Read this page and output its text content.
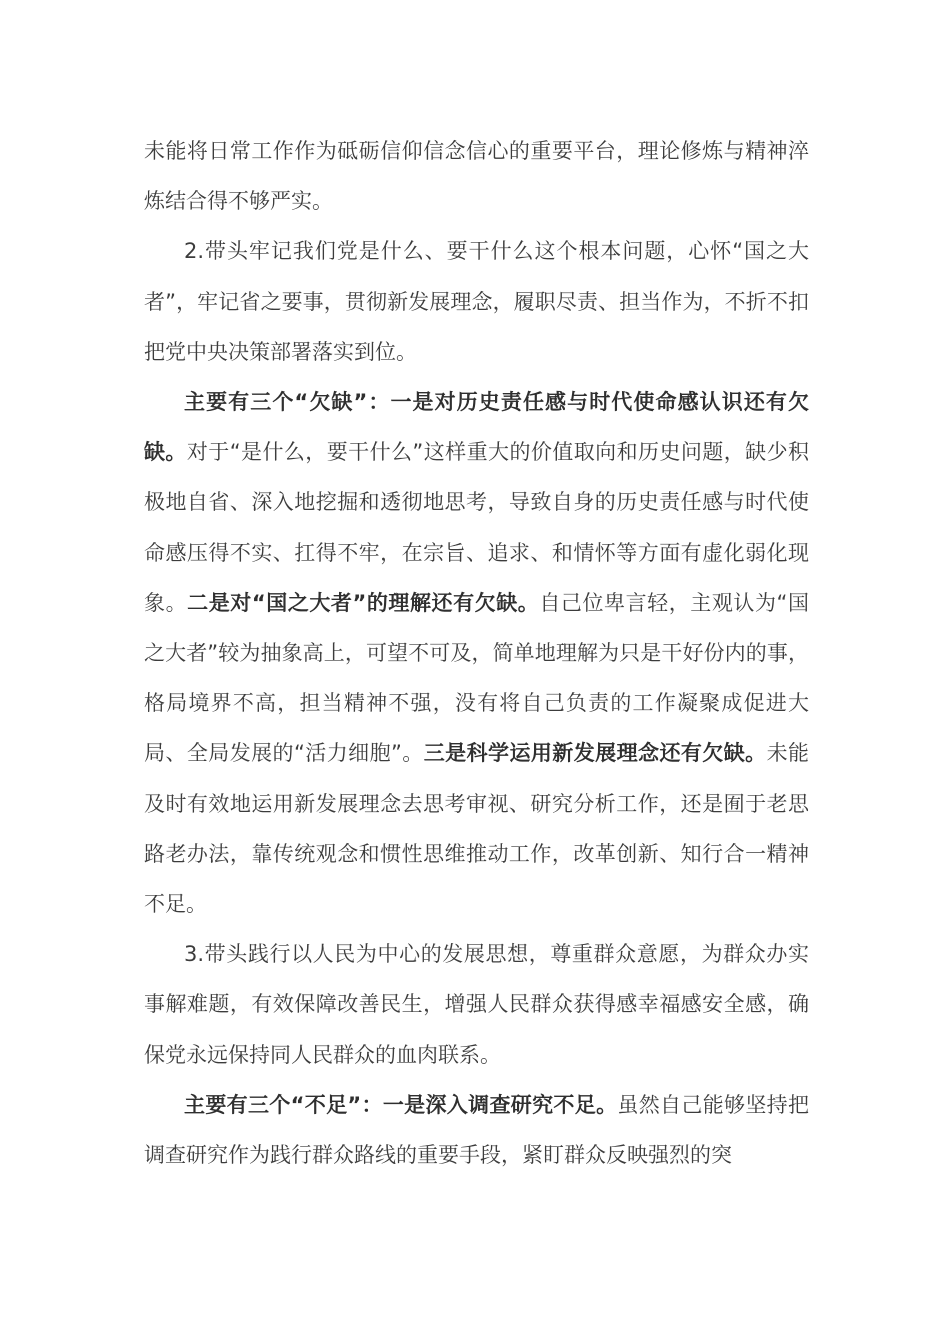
未能将日常工作作为砥砺信仰信念信心的重要平台，理论修炼与精神淬炼结合得不够严实。

2.带头牢记我们党是什么、要干什么这个根本问题，心怀“国之大者”，牢记省之要事，贯彻新发展理念，履职尽责、担当作为，不折不扣把党中央决策部署落实到位。

主要有三个“欠缺”：一是对历史责任感与时代使命感认识还有欠缺。对于“是什么，要干什么”这样重大的价值取向和历史问题，缺少积极地自省、深入地挖掘和透彻地思考，导致自身的历史责任感与时代使命感压得不实、扛得不牢，在宗旨、追求、和情怀等方面有虚化弱化现象。二是对“国之大者”的理解还有欠缺。自己位卑言轻，主观认为“国之大者”较为抽象高上，可望不可及，简单地理解为只是干好份内的事，格局境界不高，担当精神不强，没有将自己负责的工作凝聚成促进大局、全局发展的“活力细胞”。三是科学运用新发展理念还有欠缺。未能及时有效地运用新发展理念去思考审视、研究分析工作，还是囿于老思路老办法，靠传统观念和惯性思维推动工作，改革创新、知行合一精神不足。

3.带头践行以人民为中心的发展思想，尊重群众意愿，为群众办实事解难题，有效保障改善民生，增强人民群众获得感幸福感安全感，确保党永远保持同人民群众的血肉联系。

主要有三个“不足”：一是深入调查研究不足。虽然自己能够坚持把调查研究作为践行群众路线的重要手段，紧盯群众反映强烈的突
